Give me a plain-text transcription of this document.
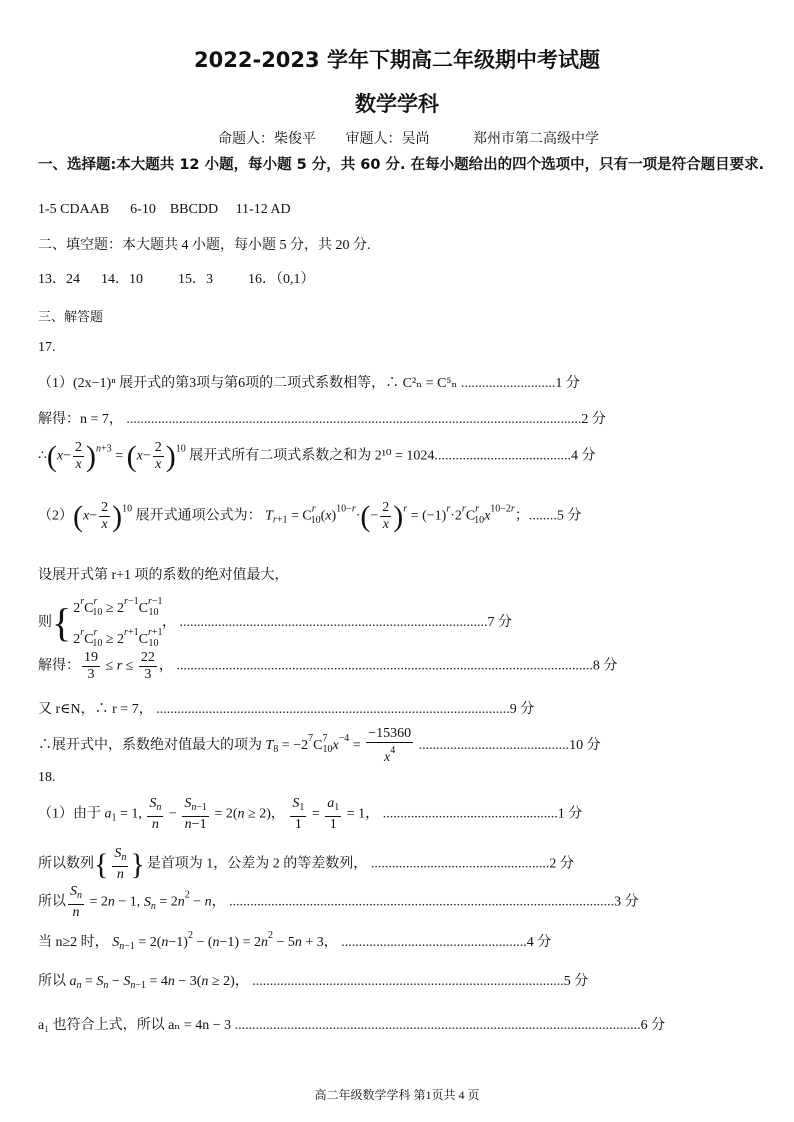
2022-2023 学年下期高二年级期中考试题
数学学科
命题人：柴俊平 审题人：吴尚	郑州市第二高级中学
一、选择题:本大题共 12 小题，每小题 5 分，共 60 分. 在每小题给出的四个选项中，只有一项是符合题目要求.
1-5 CDAAB      6-10    BBCDD     11-12 AD
二、填空题：本大题共 4 小题，每小题 5 分，共 20 分.
13．24      14．10          15．3          16．（0,1）
三、解答题
17.
（1）(2x−1)ⁿ 展开式的第3项与第6项的二项式系数相等，∴ C²ₙ = C⁵ₙ ...........................1 分
解得：n = 7， ..................................................................................................................................2 分
∴(x− $\frac{2}{x} )^{n+3} = (x- \frac{2}{x} )^{10}$ 展开式所有二项式系数之和为 2¹⁰ = 1024.......................................4 分
$(2)(x- \frac{2}{x} )^{10}$ 展开式通项公式为： $T_{r+1} = C^r_{10}(x)^{10-r}\cdot(- \frac{2}{x} )^r = (-1)^r\cdot 2^rC^r_{10}x^{10-2r}$；........5 分
设展开式第 r+1 项的系数的绝对值最大，
则{ $2^rC^r_{10} \ge 2^{r-1}C^{r-1}_{10}$
$2^rC^r_{10} \ge 2^{r+1}C^{r+1}_{10}$ ， ........................................................................................7 分
解得： $\frac{19}{3} \le r \le \frac{22}{3}$ ， .......................................................................................................................8 分
又 r∈N，∴ r = 7， .....................................................................................................9 分
∴展开式中，系数绝对值最大的项为 $T_8 = -2^7C^7_{10}x^{-4} = \frac{-15360}{x^4} ...........................................10$ 分
18.
（1）由于 $a_1 = 1$, $\frac{S_n}{n} - \frac{S_{n-1}}{n-1} = 2(n \ge 2)$， $\frac{S_1}{1} = \frac{a_1}{1} = 1$， ..................................................1 分
所以数列{ $\frac{S_n}{n}$ } 是首项为 1，公差为 2 的等差数列， ...................................................2 分
所以 $\frac{S_n}{n} = 2n - 1$, $S_n = 2n^2 - n$， ..............................................................................................................3 分
当 n≥2 时， $S_{n-1} = 2(n-1)^2 - (n-1) = 2n^2 - 5n + 3$， .....................................................4 分
所以 $a_n = S_n - S_{n-1} = 4n - 3(n \ge 2)$， .........................................................................................5 分
a₁ 也符合上式，所以 aₙ = 4n − 3 ....................................................................................................................6 分
高二年级数学学科 第1页共 4 页
